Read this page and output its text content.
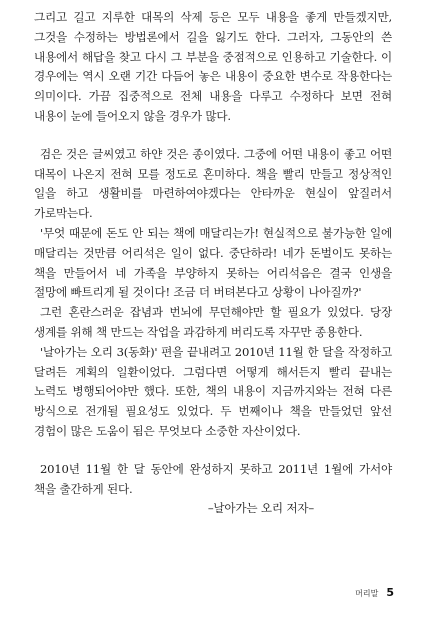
그리고 길고 지루한 대목의 삭제 등은 모두 내용을 좋게 만들겠지만, 그것을 수정하는 방법론에서 길을 잃기도 한다. 그러자, 그동안의 쓴 내용에서 해답을 찾고 다시 그 부분을 중점적으로 인용하고 기술한다. 이 경우에는 역시 오랜 기간 다듬어 놓은 내용이 중요한 변수로 작용한다는 의미이다. 가끔 집중적으로 전체 내용을 다루고 수정하다 보면 전혀 내용이 눈에 들어오지 않을 경우가 많다.

검은 것은 글씨였고 하얀 것은 종이였다. 그중에 어떤 내용이 좋고 어떤 대목이 나온지 전혀 모를 정도로 혼미하다. 책을 빨리 만들고 정상적인 일을 하고 생활비를 마련하여야겠다는 안타까운 현실이 앞질러서 가로막는다.

'무엇 때문에 돈도 안 되는 책에 매달리는가! 현실적으로 불가능한 일에 매달리는 것만큼 어리석은 일이 없다. 중단하라! 네가 돈벌이도 못하는 책을 만들어서 네 가족을 부양하지 못하는 어리석음은 결국 인생을 절망에 빠트리게 될 것이다! 조금 더 버텨본다고 상황이 나아질까?'

그런 혼란스러운 잡념과 번뇌에 무던해야만 할 필요가 있었다. 당장 생계를 위해 책 만드는 작업을 과감하게 버리도록 자꾸만 종용한다.

'날아가는 오리 3(동화)' 편을 끝내려고 2010년 11월 한 달을 작정하고 달려든 계획의 일환이었다. 그럼다면 어떻게 해서든지 빨리 끝내는 노력도 병행되어야만 했다. 또한, 책의 내용이 지금까지와는 전혀 다른 방식으로 전개될 필요성도 있었다. 두 번째이나 책을 만들었던 앞선 경험이 많은 도움이 됨은 무엇보다 소중한 자산이었다.

2010년 11월 한 달 동안에 완성하지 못하고 2011년 1월에 가서야 책을 출간하게 된다.

–날아가는 오리 저자–

머리말 5
